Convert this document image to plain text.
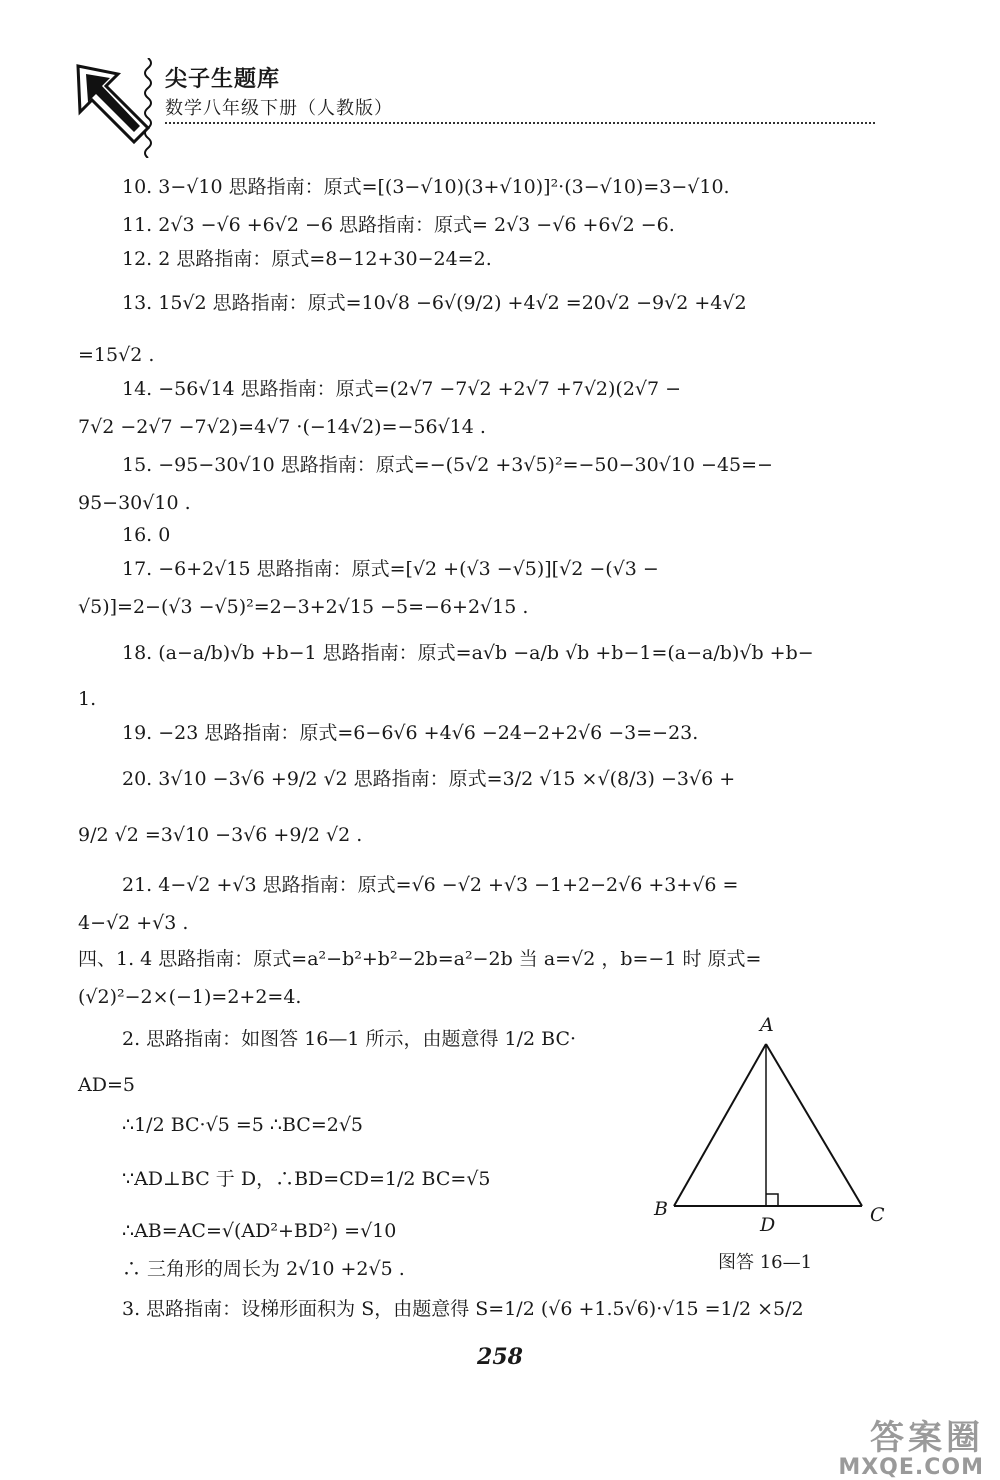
尖子生题库
数学八年级下册（人教版）
10. 3−√10 思路指南：原式=[(3−√10)(3+√10)]²·(3−√10)=3−√10.
11. 2√3 −√6 +6√2 −6 思路指南：原式= 2√3 −√6 +6√2 −6.
12. 2 思路指南：原式=8−12+30−24=2.
13. 15√2 思路指南：原式=10√8 −6√(9/2) +4√2 =20√2 −9√2 +4√2
=15√2 .
14. −56√14 思路指南：原式=(2√7 −7√2 +2√7 +7√2)(2√7 −
7√2 −2√7 −7√2)=4√7 ·(−14√2)=−56√14 .
15. −95−30√10 思路指南：原式=−(5√2 +3√5)²=−50−30√10 −45=−
95−30√10 .
16. 0
17. −6+2√15 思路指南：原式=[√2 +(√3 −√5)][√2 −(√3 −
√5)]=2−(√3 −√5)²=2−3+2√15 −5=−6+2√15 .
18. (a−a/b)√b +b−1 思路指南：原式=a√b −a/b √b +b−1=(a−a/b)√b +b−
1.
19. −23 思路指南：原式=6−6√6 +4√6 −24−2+2√6 −3=−23.
20. 3√10 −3√6 +9/2 √2 思路指南：原式=3/2 √15 ×√(8/3) −3√6 +
9/2 √2 =3√10 −3√6 +9/2 √2 .
21. 4−√2 +√3 思路指南：原式=√6 −√2 +√3 −1+2−2√6 +3+√6 =
4−√2 +√3 .
四、1. 4 思路指南：原式=a²−b²+b²−2b=a²−2b 当 a=√2 ，b=−1 时 原式=
(√2)²−2×(−1)=2+2=4.
2. 思路指南：如图答 16—1 所示，由题意得 1/2 BC·
AD=5
∴1/2 BC·√5 =5 ∴BC=2√5
∵AD⊥BC 于 D，∴BD=CD=1/2 BC=√5
∴AB=AC=√(AD²+BD²) =√10
∴ 三角形的周长为 2√10 +2√5 .
3. 思路指南：设梯形面积为 S，由题意得 S=1/2 (√6 +1.5√6)·√15 =1/2 ×5/2
A
B	C
D
图答 16—1
258
答案圈
MXQE.COM
